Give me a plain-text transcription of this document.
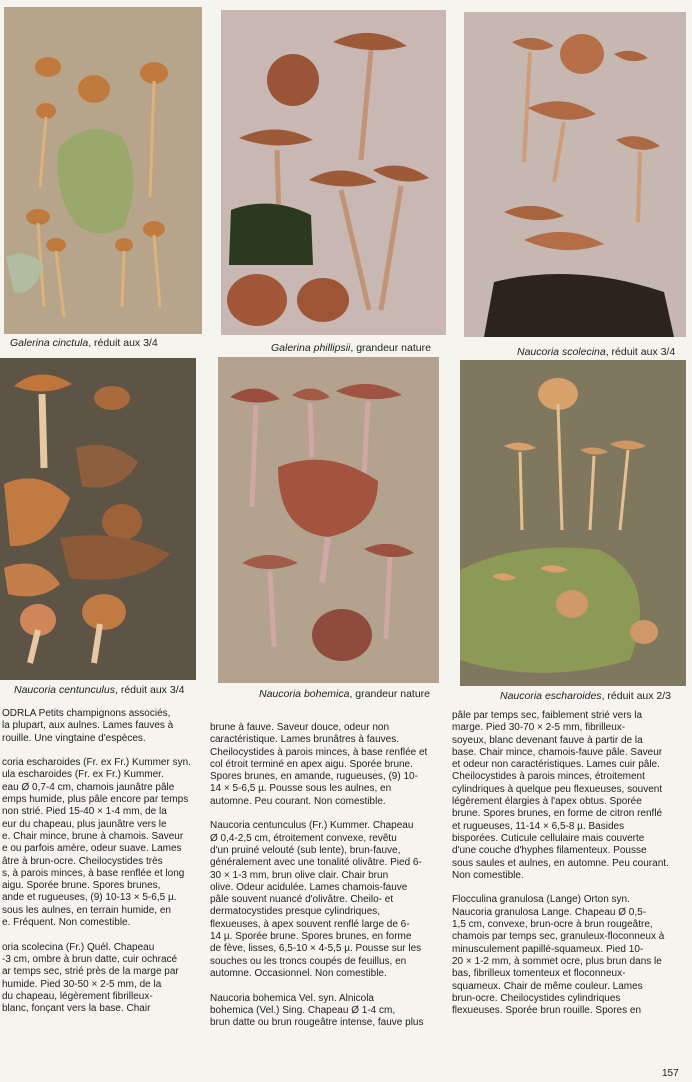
Galerina cinctula, réduit aux 3/4	Galerina phillipsii, grandeur nature	Naucoria scolecina, réduit aux 3/4
Naucoria centunculus, réduit aux 3/4	Naucoria bohemica, grandeur nature	Naucoria escharoides, réduit aux 2/3
ODRLA Petits champignons associés,
la plupart, aux aulnes. Lames fauves à
rouille. Une vingtaine d'espèces.
coria escharoides (Fr. ex Fr.) Kummer syn.
ula escharoides (Fr. ex Fr.) Kummer.
eau Ø 0,7-4 cm, chamois jaunâtre pâle
emps humide, plus pâle encore par temps
non strié. Pied 15-40 × 1-4 mm, de la
eur du chapeau, plus jaunâtre vers le
e. Chair mince, brune à chamois. Saveur
e ou parfois amère, odeur suave. Lames
âtre à brun-ocre. Cheilocystides très
s, à parois minces, à base renflée et long
aigu. Sporée brune. Spores brunes,
ande et rugueuses, (9) 10-13 × 5-6,5 µ.
sous les aulnes, en terrain humide, en
e. Fréquent. Non comestible.
oria scolecina (Fr.) Quél. Chapeau
-3 cm, ombre à brun datte, cuir ochracé
ar temps sec, strié près de la marge par
humide. Pied 30-50 × 2-5 mm, de la
du chapeau, légèrement fibrilleux-
blanc, fonçant vers la base. Chair
brune à fauve. Saveur douce, odeur non
caractéristique. Lames brunâtres à fauves.
Cheilocystides à parois minces, à base renflée et
col étroit terminé en apex aigu. Sporée brune.
Spores brunes, en amande, rugueuses, (9) 10-
14 × 5-6,5 µ. Pousse sous les aulnes, en
automne. Peu courant. Non comestible.
Naucoria centunculus (Fr.) Kummer. Chapeau
Ø 0,4-2,5 cm, étroitement convexe, revêtu
d'un pruiné velouté (sub lente), brun-fauve,
généralement avec une tonalité olivâtre. Pied 6-
30 × 1-3 mm, brun olive clair. Chair brun
olive. Odeur acidulée. Lames chamois-fauve
pâle souvent nuancé d'olivâtre. Cheilo- et
dermatocystides presque cylindriques,
flexueuses, à apex souvent renflé large de 6-
14 µ. Sporée brune. Spores brunes, en forme
de fève, lisses, 6,5-10 × 4-5,5 µ. Pousse sur les
souches ou les troncs coupés de feuillus, en
automne. Occasionnel. Non comestible.
Naucoria bohemica Vel. syn. Alnicola
bohemica (Vel.) Sing. Chapeau Ø 1-4 cm,
brun datte ou brun rougeâtre intense, fauve plus
pâle par temps sec, faiblement strié vers la
marge. Pied 30-70 × 2-5 mm, fibrilleux-
soyeux, blanc devenant fauve à partir de la
base. Chair mince, chamois-fauve pâle. Saveur
et odeur non caractéristiques. Lames cuir pâle.
Cheilocystides à parois minces, étroitement
cylindriques à quelque peu flexueuses, souvent
légèrement élargies à l'apex obtus. Sporée
brune. Spores brunes, en forme de citron renflé
et rugueuses, 11-14 × 6,5-8 µ. Basides
bisporées. Cuticule cellulaire mais couverte
d'une couche d'hyphes filamenteux. Pousse
sous saules et aulnes, en automne. Peu courant.
Non comestible.
Flocculina granulosa (Lange) Orton syn.
Naucoria granulosa Lange. Chapeau Ø 0,5-
1,5 cm, convexe, brun-ocre à brun rougeâtre,
chamois par temps sec, granuleux-floconneux à
minusculement papillé-squameux. Pied 10-
20 × 1-2 mm, à sommet ocre, plus brun dans le
bas, fibrilleux tomenteux et floconneux-
squameux. Chair de même couleur. Lames
brun-ocre. Cheilocystides cylindriques
flexueuses. Sporée brun rouille. Spores en
157
